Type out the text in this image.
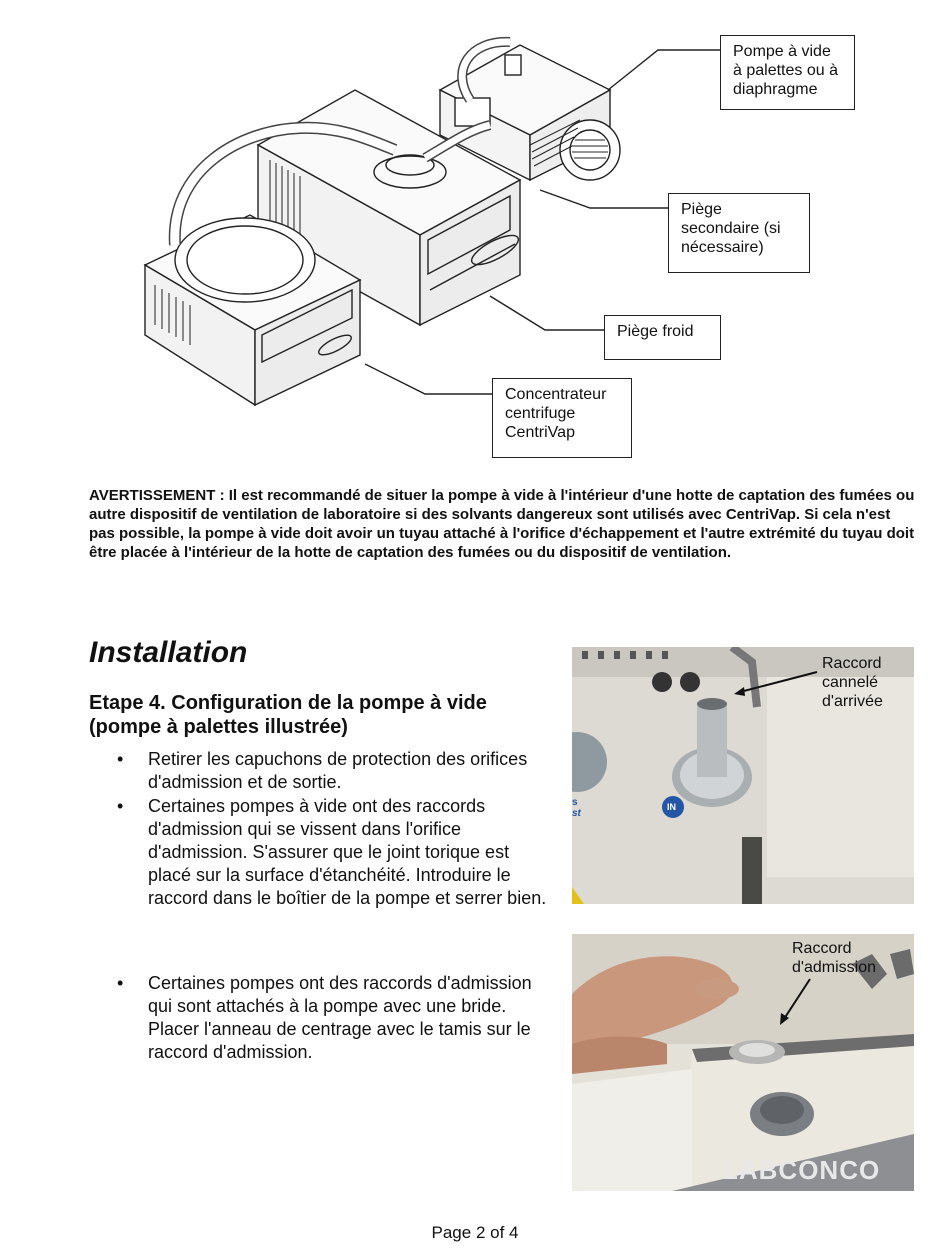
Pompe à vide
à palettes ou à
diaphragme
Piège
secondaire (si
nécessaire)
Piège froid
Concentrateur
centrifuge
CentriVap

AVERTISSEMENT : Il est recommandé de situer la pompe à vide à l'intérieur d'une hotte de captation des fumées ou autre dispositif de ventilation de laboratoire si des solvants dangereux sont utilisés avec CentriVap. Si cela n'est pas possible, la pompe à vide doit avoir un tuyau attaché à l'orifice d'échappement et l'autre extrémité du tuyau doit être placée à l'intérieur de la hotte de captation des fumées ou du dispositif de ventilation.

Installation
Etape 4. Configuration de la pompe à vide (pompe à palettes illustrée)
• Retirer les capuchons de protection des orifices d'admission et de sortie.
• Certaines pompes à vide ont des raccords d'admission qui se vissent dans l'orifice d'admission. S'assurer que le joint torique est placé sur la surface d'étanchéité. Introduire le raccord dans le boîtier de la pompe et serrer bien.
• Certaines pompes ont des raccords d'admission qui sont attachés à la pompe avec une bride. Placer l'anneau de centrage avec le tamis sur le raccord d'admission.
s
st
IN
Raccord
cannelé
d'arrivée
LABCONCO
Raccord
d'admission

Page 2 of 4
